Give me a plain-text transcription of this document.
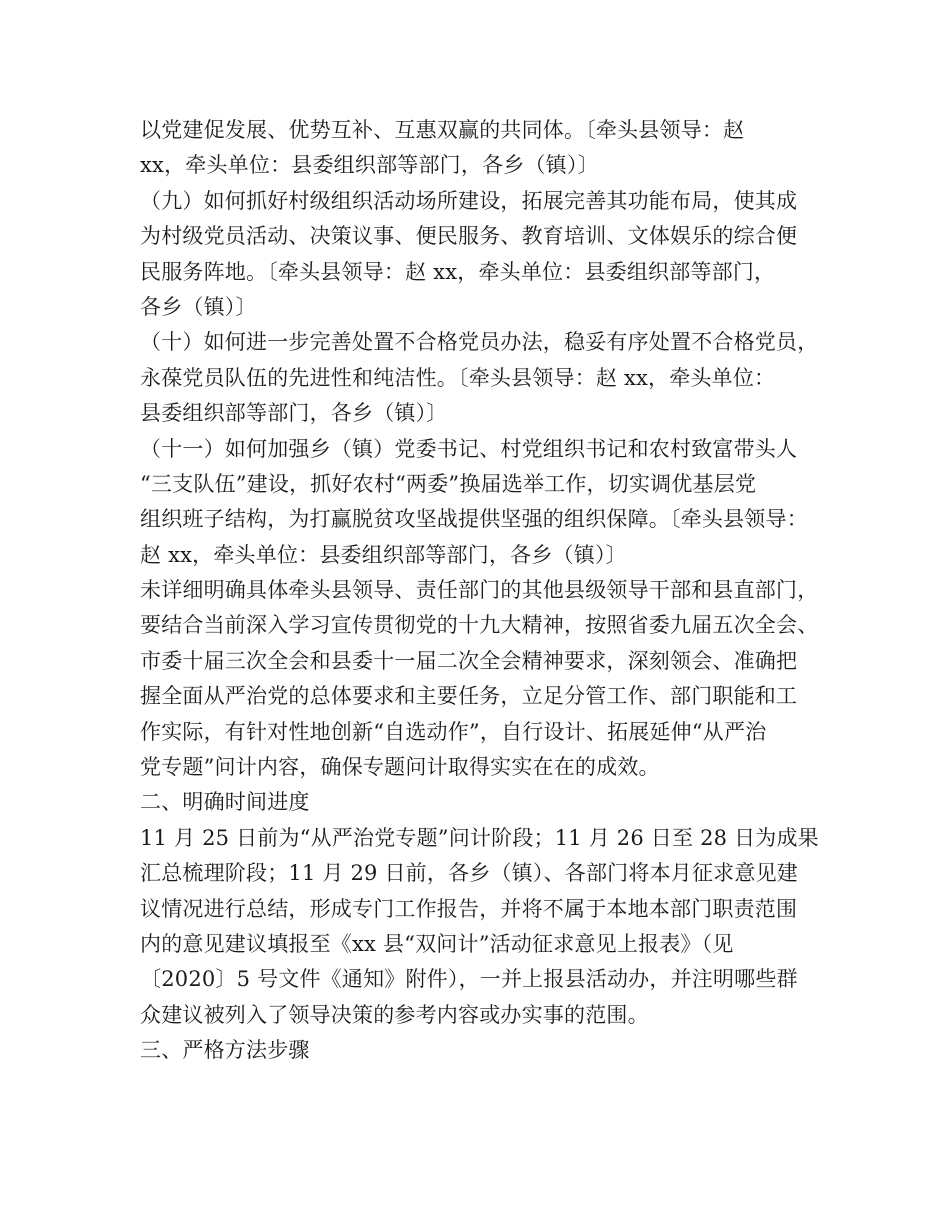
以党建促发展、优势互补、互惠双赢的共同体。〔牵头县领导：赵
xx，牵头单位：县委组织部等部门，各乡（镇）〕
（九）如何抓好村级组织活动场所建设，拓展完善其功能布局，使其成
为村级党员活动、决策议事、便民服务、教育培训、文体娱乐的综合便
民服务阵地。〔牵头县领导：赵 xx，牵头单位：县委组织部等部门，
各乡（镇）〕
（十）如何进一步完善处置不合格党员办法，稳妥有序处置不合格党员，
永葆党员队伍的先进性和纯洁性。〔牵头县领导：赵 xx，牵头单位：
县委组织部等部门，各乡（镇）〕
（十一）如何加强乡（镇）党委书记、村党组织书记和农村致富带头人
“三支队伍”建设，抓好农村“两委”换届选举工作，切实调优基层党
组织班子结构，为打赢脱贫攻坚战提供坚强的组织保障。〔牵头县领导：
赵 xx，牵头单位：县委组织部等部门，各乡（镇）〕
未详细明确具体牵头县领导、责任部门的其他县级领导干部和县直部门，
要结合当前深入学习宣传贯彻党的十九大精神，按照省委九届五次全会、
市委十届三次全会和县委十一届二次全会精神要求，深刻领会、准确把
握全面从严治党的总体要求和主要任务，立足分管工作、部门职能和工
作实际，有针对性地创新“自选动作”，自行设计、拓展延伸“从严治
党专题”问计内容，确保专题问计取得实实在在的成效。
二、明确时间进度
11 月 25 日前为“从严治党专题”问计阶段；11 月 26 日至 28 日为成果
汇总梳理阶段；11 月 29 日前，各乡（镇）、各部门将本月征求意见建
议情况进行总结，形成专门工作报告，并将不属于本地本部门职责范围
内的意见建议填报至《xx 县“双问计”活动征求意见上报表》（见
〔2020〕5 号文件《通知》附件），一并上报县活动办，并注明哪些群
众建议被列入了领导决策的参考内容或办实事的范围。
三、严格方法步骤
